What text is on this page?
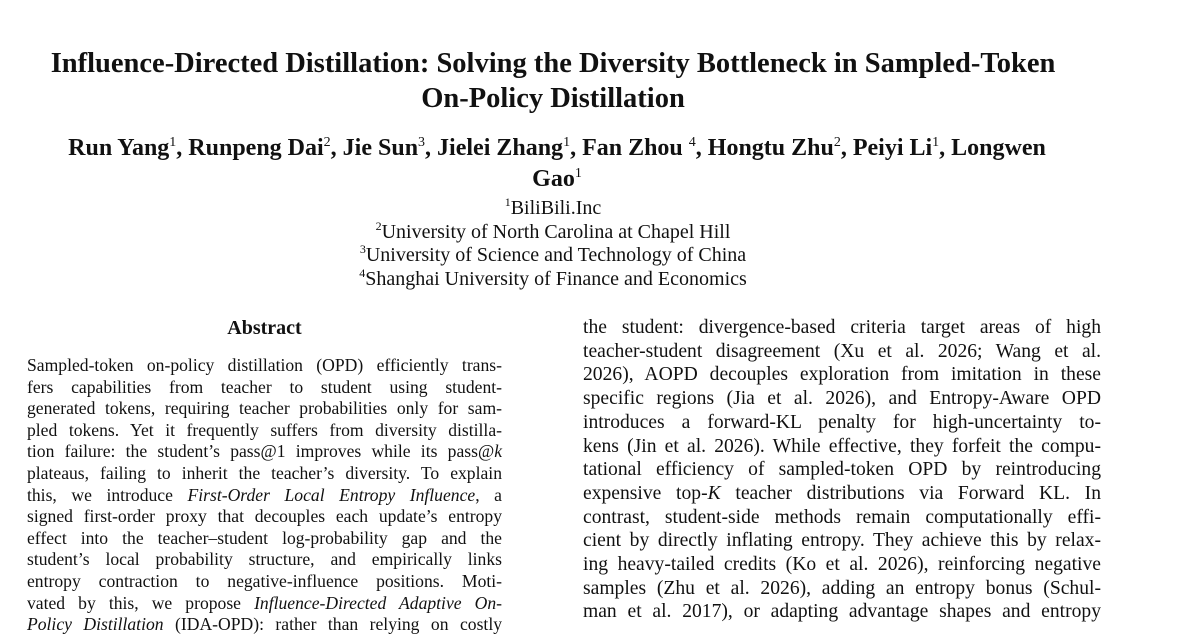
Influence-Directed Distillation: Solving the Diversity Bottleneck in Sampled-Token
On-Policy Distillation
Run Yang$^1$, Runpeng Dai$^2$, Jie Sun$^3$, Jielei Zhang$^1$, Fan Zhou $^4$, Hongtu Zhu$^2$, Peiyi Li$^1$, Longwen
Gao$^1$
$^1$BiliBili.Inc
$^2$University of North Carolina at Chapel Hill
$^3$University of Science and Technology of China
$^4$Shanghai University of Finance and Economics
Abstract
Sampled-token on-policy distillation (OPD) efficiently trans-
fers capabilities from teacher to student using student-
generated tokens, requiring teacher probabilities only for sam-
pled tokens. Yet it frequently suffers from diversity distilla-
tion failure: the student’s pass@1 improves while its pass@k
plateaus, failing to inherit the teacher’s diversity. To explain
this, we introduce First-Order Local Entropy Influence, a
signed first-order proxy that decouples each update’s entropy
effect into the teacher–student log-probability gap and the
student’s local probability structure, and empirically links
entropy contraction to negative-influence positions. Moti-
vated by this, we propose Influence-Directed Adaptive On-
Policy Distillation (IDA-OPD): rather than relying on costly
the student: divergence-based criteria target areas of high
teacher-student disagreement (Xu et al. 2026; Wang et al.
2026), AOPD decouples exploration from imitation in these
specific regions (Jia et al. 2026), and Entropy-Aware OPD
introduces a forward-KL penalty for high-uncertainty to-
kens (Jin et al. 2026). While effective, they forfeit the compu-
tational efficiency of sampled-token OPD by reintroducing
expensive top-K teacher distributions via Forward KL. In
contrast, student-side methods remain computationally effi-
cient by directly inflating entropy. They achieve this by relax-
ing heavy-tailed credits (Ko et al. 2026), reinforcing negative
samples (Zhu et al. 2026), adding an entropy bonus (Schul-
man et al. 2017), or adapting advantage shapes and entropy
